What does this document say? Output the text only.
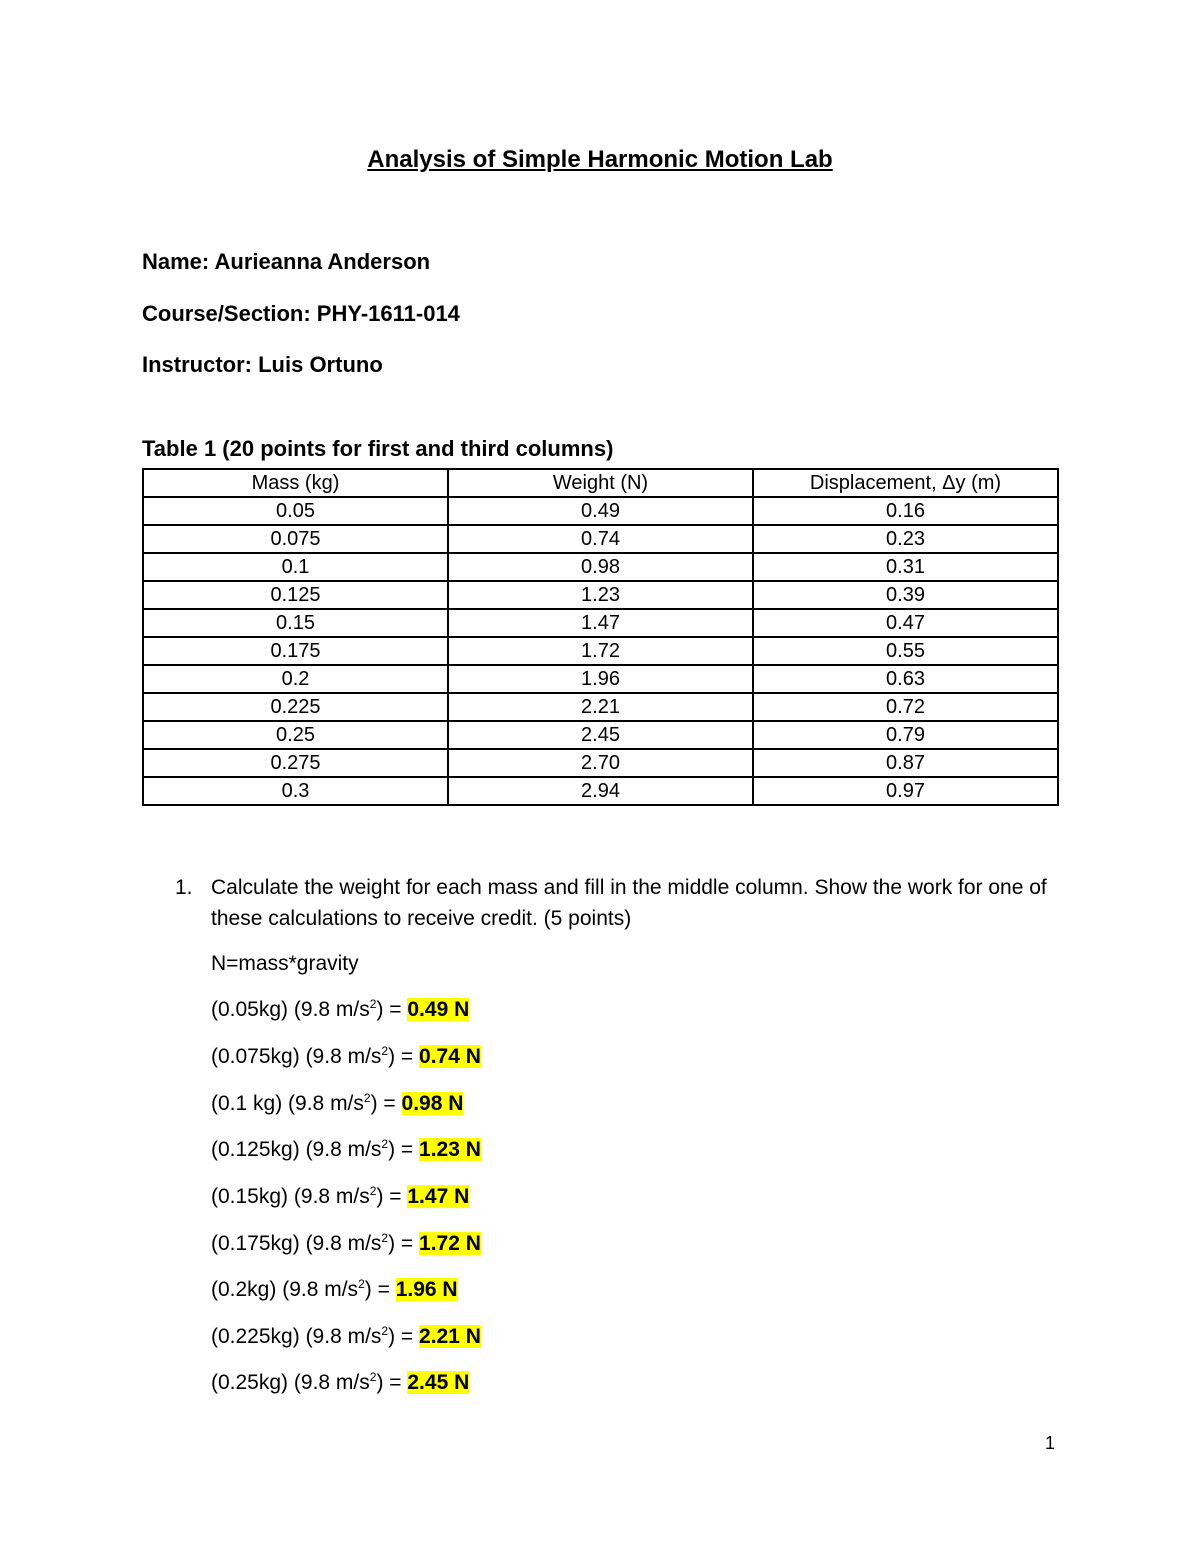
Analysis of Simple Harmonic Motion Lab
Name: Aurieanna Anderson
Course/Section: PHY-1611-014
Instructor: Luis Ortuno
Table 1 (20 points for first and third columns)
Mass (kg)	Weight (N)	Displacement, Δy (m)
0.05	0.49	0.16
0.075	0.74	0.23
0.1	0.98	0.31
0.125	1.23	0.39
0.15	1.47	0.47
0.175	1.72	0.55
0.2	1.96	0.63
0.225	2.21	0.72
0.25	2.45	0.79
0.275	2.70	0.87
0.3	2.94	0.97
1. Calculate the weight for each mass and fill in the middle column. Show the work for one of these calculations to receive credit. (5 points)
N=mass*gravity
(0.05kg) (9.8 $m/s^2) = 0.49$ N
(0.075kg) (9.8 $m/s^2) = 0.74$ N
(0.1 kg) (9.8 $m/s^2) = 0.98$ N
(0.125kg) (9.8 $m/s^2) = 1.23$ N
(0.15kg) (9.8 $m/s^2) = 1.47$ N
(0.175kg) (9.8 $m/s^2) = 1.72$ N
(0.2kg) (9.8 $m/s^2) = 1.96$ N
(0.225kg) (9.8 $m/s^2) = 2.21$ N
(0.25kg) (9.8 $m/s^2) = 2.45$ N
1
